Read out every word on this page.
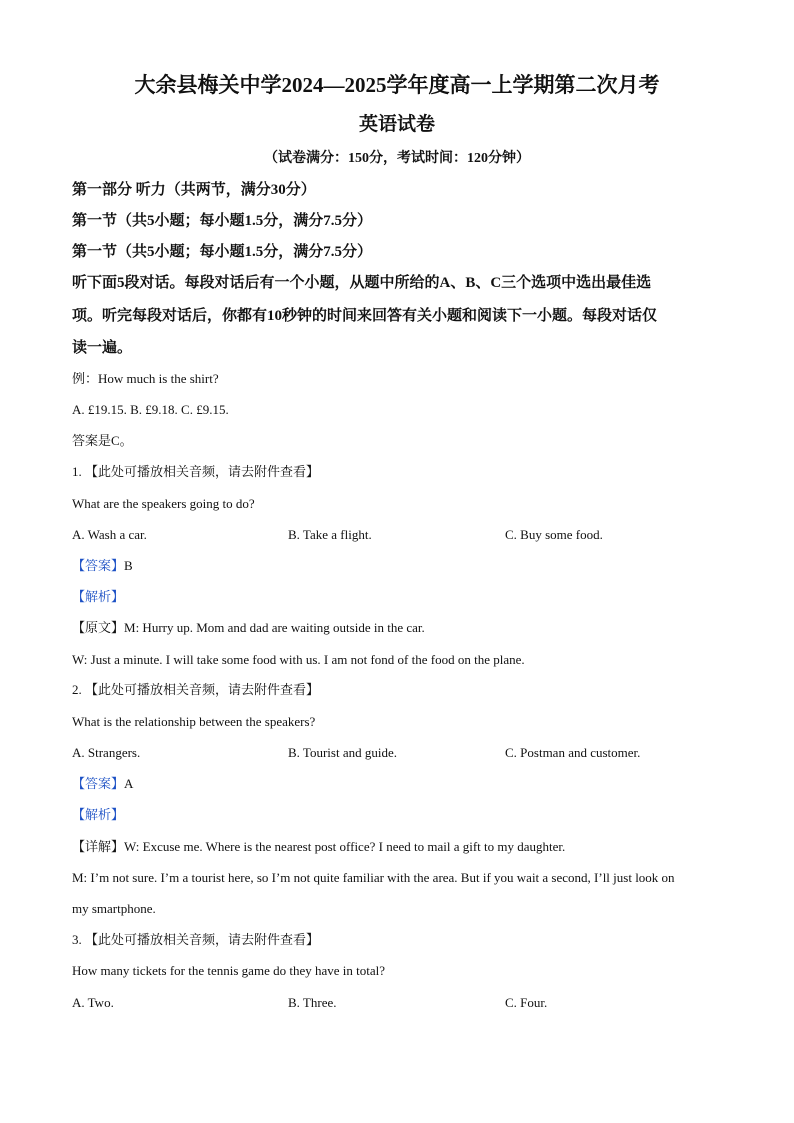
大余县梅关中学2024—2025学年度高一上学期第二次月考
英语试卷
（试卷满分：150分，考试时间：120分钟）
第一部分 听力（共两节，满分30分）
第一节（共5小题；每小题1.5分，满分7.5分）
第一节（共5小题；每小题1.5分，满分7.5分）
听下面5段对话。每段对话后有一个小题，从题中所给的A、B、C三个选项中选出最佳选
项。听完每段对话后，你都有10秒钟的时间来回答有关小题和阅读下一小题。每段对话仅
读一遍。
例：How much is the shirt?
A. £19.15. B. £9.18. C. £9.15.
答案是C。
1. 【此处可播放相关音频，请去附件查看】
What are the speakers going to do?
A. Wash a car.	B. Take a flight.	C. Buy some food.
【答案】B
【解析】
【原文】M: Hurry up. Mom and dad are waiting outside in the car.
W: Just a minute. I will take some food with us. I am not fond of the food on the plane.
2. 【此处可播放相关音频，请去附件查看】
What is the relationship between the speakers?
A. Strangers.	B. Tourist and guide.	C. Postman and customer.
【答案】A
【解析】
【详解】W: Excuse me. Where is the nearest post office? I need to mail a gift to my daughter.
M: I’m not sure. I’m a tourist here, so I’m not quite familiar with the area. But if you wait a second, I’ll just look on
my smartphone.
3. 【此处可播放相关音频，请去附件查看】
How many tickets for the tennis game do they have in total?
A. Two.	B. Three.	C. Four.
